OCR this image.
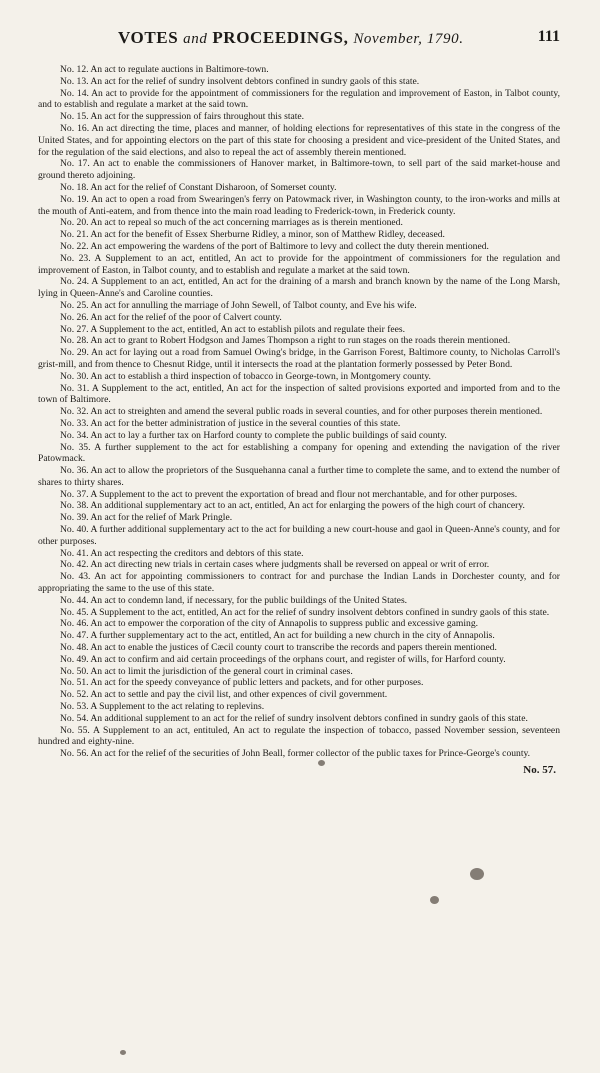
VOTES and PROCEEDINGS, November, 1790.	111

No. 12. An act to regulate auctions in Baltimore-town.

No. 13. An act for the relief of sundry insolvent debtors confined in sundry gaols of this state.

No. 14. An act to provide for the appointment of commissioners for the regulation and improvement of Easton, in Talbot county, and to establish and regulate a market at the said town.

No. 15. An act for the suppression of fairs throughout this state.

No. 16. An act directing the time, places and manner, of holding elections for representatives of this state in the congress of the United States, and for appointing electors on the part of this state for choosing a president and vice-president of the United States, and for the regulation of the said elections, and also to repeal the act of assembly therein mentioned.

No. 17. An act to enable the commissioners of Hanover market, in Baltimore-town, to sell part of the said market-house and ground thereto adjoining.

No. 18. An act for the relief of Constant Disharoon, of Somerset county.

No. 19. An act to open a road from Swearingen's ferry on Patowmack river, in Washington county, to the iron-works and mills at the mouth of Anti-eatem, and from thence into the main road leading to Frederick-town, in Frederick county.

No. 20. An act to repeal so much of the act concerning marriages as is therein mentioned.

No. 21. An act for the benefit of Essex Sherburne Ridley, a minor, son of Matthew Ridley, deceased.

No. 22. An act empowering the wardens of the port of Baltimore to levy and collect the duty therein mentioned.

No. 23. A Supplement to an act, entitled, An act to provide for the appointment of commissioners for the regulation and improvement of Easton, in Talbot county, and to establish and regulate a market at the said town.

No. 24. A Supplement to an act, entitled, An act for the draining of a marsh and branch known by the name of the Long Marsh, lying in Queen-Anne's and Caroline counties.

No. 25. An act for annulling the marriage of John Sewell, of Talbot county, and Eve his wife.

No. 26. An act for the relief of the poor of Calvert county.

No. 27. A Supplement to the act, entitled, An act to establish pilots and regulate their fees.

No. 28. An act to grant to Robert Hodgson and James Thompson a right to run stages on the roads therein mentioned.

No. 29. An act for laying out a road from Samuel Owing's bridge, in the Garrison Forest, Baltimore county, to Nicholas Carroll's grist-mill, and from thence to Chesnut Ridge, until it intersects the road at the plantation formerly possessed by Peter Bond.

No. 30. An act to establish a third inspection of tobacco in George-town, in Montgomery county.

No. 31. A Supplement to the act, entitled, An act for the inspection of salted provisions exported and imported from and to the town of Baltimore.

No. 32. An act to streighten and amend the several public roads in several counties, and for other purposes therein mentioned.

No. 33. An act for the better administration of justice in the several counties of this state.

No. 34. An act to lay a further tax on Harford county to complete the public buildings of said county.

No. 35. A further supplement to the act for establishing a company for opening and extending the navigation of the river Patowmack.

No. 36. An act to allow the proprietors of the Susquehanna canal a further time to complete the same, and to extend the number of shares to thirty shares.

No. 37. A Supplement to the act to prevent the exportation of bread and flour not merchantable, and for other purposes.

No. 38. An additional supplementary act to an act, entitled, An act for enlarging the powers of the high court of chancery.

No. 39. An act for the relief of Mark Pringle.

No. 40. A further additional supplementary act to the act for building a new court-house and gaol in Queen-Anne's county, and for other purposes.

No. 41. An act respecting the creditors and debtors of this state.

No. 42. An act directing new trials in certain cases where judgments shall be reversed on appeal or writ of error.

No. 43. An act for appointing commissioners to contract for and purchase the Indian Lands in Dorchester county, and for appropriating the same to the use of this state.

No. 44. An act to condemn land, if necessary, for the public buildings of the United States.

No. 45. A Supplement to the act, entitled, An act for the relief of sundry insolvent debtors confined in sundry gaols of this state.

No. 46. An act to empower the corporation of the city of Annapolis to suppress public and excessive gaming.

No. 47. A further supplementary act to the act, entitled, An act for building a new church in the city of Annapolis.

No. 48. An act to enable the justices of Cæcil county court to transcribe the records and papers therein mentioned.

No. 49. An act to confirm and aid certain proceedings of the orphans court, and register of wills, for Harford county.

No. 50. An act to limit the jurisdiction of the general court in criminal cases.

No. 51. An act for the speedy conveyance of public letters and packets, and for other purposes.

No. 52. An act to settle and pay the civil list, and other expences of civil government.

No. 53. A Supplement to the act relating to replevins.

No. 54. An additional supplement to an act for the relief of sundry insolvent debtors confined in sundry gaols of this state.

No. 55. A Supplement to an act, entituled, An act to regulate the inspection of tobacco, passed November session, seventeen hundred and eighty-nine.

No. 56. An act for the relief of the securities of John Beall, former collector of the public taxes for Prince-George's county.

No. 57.
